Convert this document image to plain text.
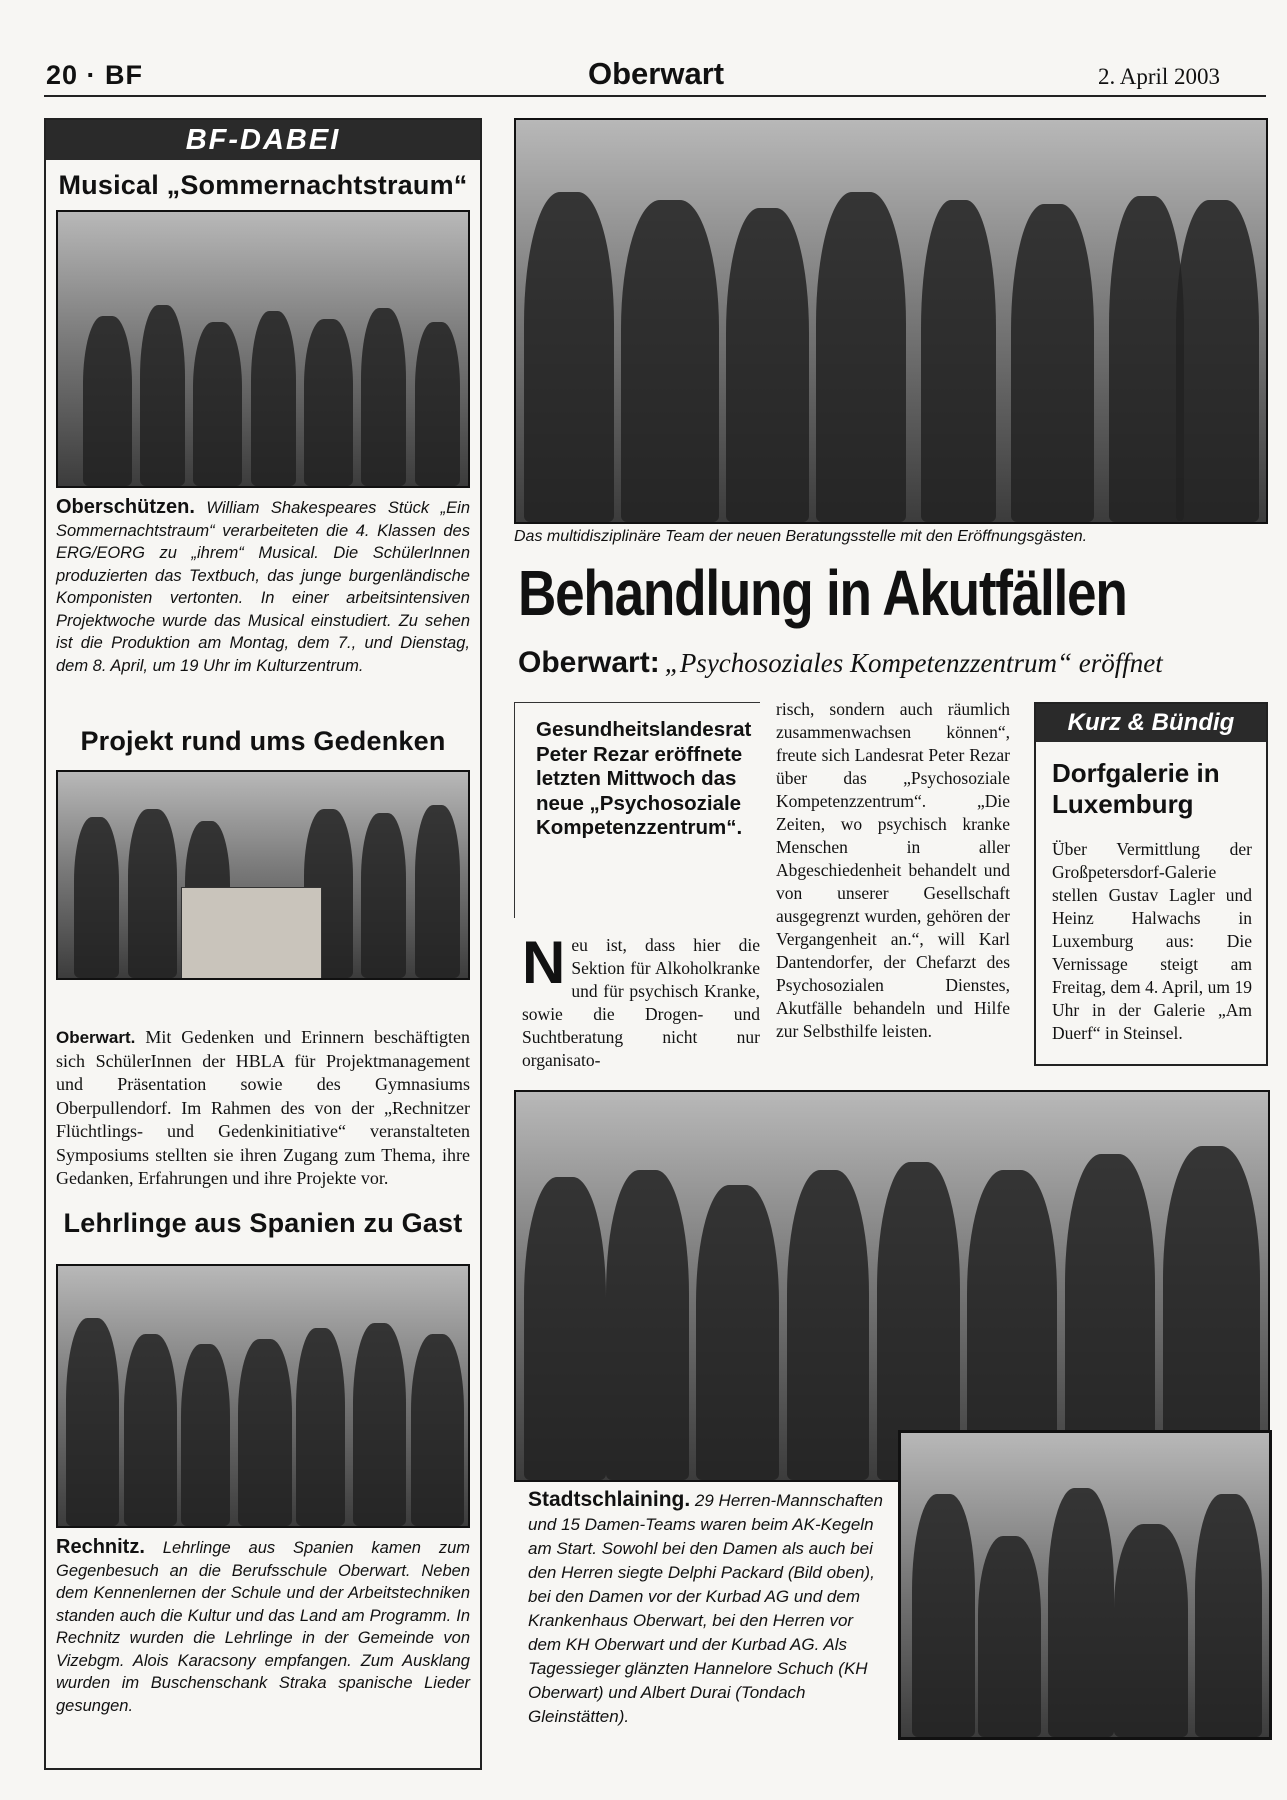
20 · BF	Oberwart	2. April 2003
BF-DABEI
Musical „Sommernachtstraum“
Oberschützen. William Shakespeares Stück „Ein Sommernachtstraum“ verarbeiteten die 4. Klassen des ERG/EORG zu „ihrem“ Musical. Die SchülerInnen produzierten das Textbuch, das junge burgenländische Komponisten vertonten. In einer arbeitsintensiven Projektwoche wurde das Musical einstudiert. Zu sehen ist die Produktion am Montag, dem 7., und Dienstag, dem 8. April, um 19 Uhr im Kulturzentrum.
Projekt rund ums Gedenken
Oberwart. Mit Gedenken und Erinnern beschäftigten sich SchülerInnen der HBLA für Projektmanagement und Präsentation sowie des Gymnasiums Oberpullendorf. Im Rahmen des von der „Rechnitzer Flüchtlings- und Gedenkinitiative“ veranstalteten Symposiums stellten sie ihren Zugang zum Thema, ihre Gedanken, Erfahrungen und ihre Projekte vor.
Lehrlinge aus Spanien zu Gast
Rechnitz. Lehrlinge aus Spanien kamen zum Gegenbesuch an die Berufsschule Oberwart. Neben dem Kennenlernen der Schule und der Arbeitstechniken standen auch die Kultur und das Land am Programm. In Rechnitz wurden die Lehrlinge in der Gemeinde von Vizebgm. Alois Karacsony empfangen. Zum Ausklang wurden im Buschenschank Straka spanische Lieder gesungen.
Das multidisziplinäre Team der neuen Beratungsstelle mit den Eröffnungsgästen.
Behandlung in Akutfällen
Oberwart: „Psychosoziales Kompetenzzentrum“ eröffnet
Gesundheitslandesrat Peter Rezar eröffnete letzten Mittwoch das neue „Psychosoziale Kompetenzzentrum“.
N eu ist, dass hier die Sektion für Alkoholkranke und für psychisch Kranke, sowie die Drogen- und Suchtberatung nicht nur organisato-
risch, sondern auch räumlich zusammenwachsen können“, freute sich Landesrat Peter Rezar über das „Psychosoziale Kompetenzzentrum“. „Die Zeiten, wo psychisch kranke Menschen in aller Abgeschiedenheit behandelt und von unserer Gesellschaft ausgegrenzt wurden, gehören der Vergangenheit an.“, will Karl Dantendorfer, der Chefarzt des Psychosozialen Dienstes, Akutfälle behandeln und Hilfe zur Selbsthilfe leisten.
Kurz & Bündig
Dorfgalerie in Luxemburg
Über Vermittlung der Großpetersdorf-Galerie stellen Gustav Lagler und Heinz Halwachs in Luxemburg aus: Die Vernissage steigt am Freitag, dem 4. April, um 19 Uhr in der Galerie „Am Duerf“ in Steinsel.
Stadtschlaining. 29 Herren-Mannschaften und 15 Damen-Teams waren beim AK-Kegeln am Start. Sowohl bei den Damen als auch bei den Herren siegte Delphi Packard (Bild oben), bei den Damen vor der Kurbad AG und dem Krankenhaus Oberwart, bei den Herren vor dem KH Oberwart und der Kurbad AG. Als Tagessieger glänzten Hannelore Schuch (KH Oberwart) und Albert Durai (Tondach Gleinstätten).
